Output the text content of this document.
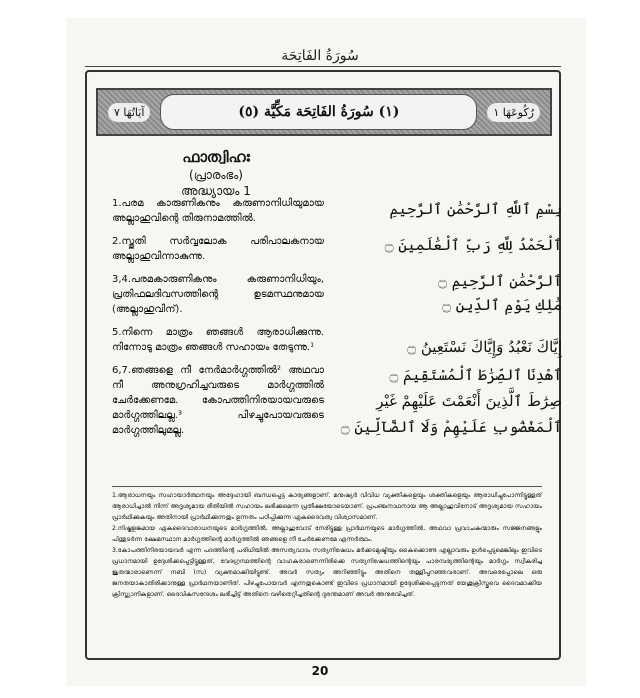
سُورَةُ الفَاتِحَة
آيَاتُهَا ٧	(١) سُورَةُ الفَاتِحَة مَكِّيَّة (٥)	رُكُوعَهَا ١
ഫാത്വിഹഃ
(പ്രാരംഭം)
അദ്ധ്യായം 1
1.പരമ കാരുണികനും കരുണാനിധിയുമായ അല്ലാഹുവിന്റെ തിരുനാമത്തിൽ.
2.സ്തുതി സർവ്വലോക പരിപാലകനായ അല്ലാഹുവിന്നാകുന്നു.
3,4.പരമകാരുണികനും കരുണാനിധിയും, പ്രതിഫലദിവസത്തിന്റെ ഉടമസ്ഥനുമായ (അല്ലാഹുവിന്).
5.നിന്നെ മാത്രം ഞങ്ങൾ ആരാധിക്കുന്നു. നിന്നോടു മാത്രം ഞങ്ങൾ സഹായം തേടുന്നു.¹
6,7.ഞങ്ങളെ നീ നേർമാർഗ്ഗത്തിൽ² അഥവാ നീ അനുഗ്രഹിച്ചവരുടെ മാർഗ്ഗത്തിൽ ചേർക്കേണമേ. കോപത്തിനിരയായവരുടെ മാർഗ്ഗത്തിലല്ല.³ പിഴച്ചുപോയവരുടെ മാർഗ്ഗത്തിലുമല്ല.
بِسْمِ ٱللَّهِ ٱلرَّحْمَٰنِ ٱلرَّحِيمِ
ٱلْحَمْدُ لِلَّهِ رَبِّ ٱلْعَٰلَمِينَ ۝
ٱلرَّحْمَٰنِ ٱلرَّحِيمِ ۝
مَٰلِكِ يَوْمِ ٱلدِّينِ ۝
إِيَّاكَ نَعْبُدُ وَإِيَّاكَ نَسْتَعِينُ ۝
ٱهْدِنَا ٱلصِّرَٰطَ ٱلْمُسْتَقِيمَ ۝
صِرَٰطَ ٱلَّذِينَ أَنْعَمْتَ عَلَيْهِمْ غَيْرِ
ٱلْمَغْضُوبِ عَلَيْهِمْ وَلَا ٱلضَّآلِّينَ ۝
1.ആരാധനയും സഹായാർത്ഥനയും അദ്ദേഹായി ബന്ധപ്പെട്ട കാര്യങ്ങളാണ്. മനുഷ്യർ വിവിധ വ്യക്തികളെയും ശക്തികളെയും ആരാധിച്ചുപോന്നിട്ടുള്ളത് ആരാധിച്ചാൽ നിന്ന് അദൃശ്യമായ രീതിയിൽ സഹായം ലഭിക്കുമെന്ന പ്രതീക്ഷയോടെയാണ്. പ്രപഞ്ചനാഥനായ ആ അല്ലാഹുവിനോട് അദൃശ്യമായ സഹായം പ്രാർഥിക്കുകയും അതിനായി പ്രാർഥിക്കുന്നതും ഉന്നതം പഠിപ്പിക്കുന്ന ഏകദൈവത്വ വിശ്വാസമാണ്.
2.നിഷ്കളങ്കമായ ഏകദൈവാരാധനയുടെ മാർഗ്ഗത്തിൽ, അല്ലാഹുവോട് നേരിട്ടുള്ള പ്രാർഥനയുടെ മാർഗ്ഗത്തിൽ, അഥവാ പ്രവാചകന്മാരും സജ്ജനങ്ങളും പിന്തുടർന്ന ക്ഷേമസ്ഥാന മാർഗ്ഗത്തിന്റെ മാർഗ്ഗത്തിൽ ഞങ്ങളെ നീ ചേർക്കേണമേ എന്നർത്ഥം.
3.കോപത്തിനിരയായവർ എന്ന പദത്തിന്റെ പരിധിയിൽ അസത്യവാദം സത്യനിഷേധം മർക്കടമുഷ്ടിയും കൈക്കൊണ്ട എല്ലാവരും ഉൾപ്പെടുമെങ്കിലും ഇവിടെ പ്രധാനമായി ഉദ്ദേശിക്കപ്പെട്ടിട്ടുള്ളത്, വേദഗ്രന്ഥത്തിന്റെ വാഹകരാണെന്നിരിക്കെ സത്യനിഷേധത്തിന്റെയും പാരമ്പര്യത്തിന്റെയും മാർഗ്ഗം സ്വീകരിച്ച ജൂതന്മാരാണെന്ന് നബി (സ) വ്യക്തമാക്കിയിട്ടുണ്ട്. അവർ സത്യം അറിഞ്ഞിട്ടും അതിനെ തള്ളിപ്പറഞ്ഞവരാണ്. അവരെപ്പോലെ ഒരു ജനതയാകാതിരിക്കാനുള്ള പ്രാർഥനയാണിത്. പിഴച്ചുപോയവർ എന്നതുകൊണ്ട് ഇവിടെ പ്രധാനമായി ഉദ്ദേശിക്കപ്പെടുന്നത് യേശുക്രിസ്തുവെ ദൈവമാക്കിയ ക്രിസ്ത്യാനികളാണ്. ദൈവികസന്ദേശം ലഭിച്ചിട്ട് അതിനെ വഴിതെറ്റിച്ചതിന്റെ ദുരന്തമാണ് അവർ അനുഭവിച്ചത്.
20
